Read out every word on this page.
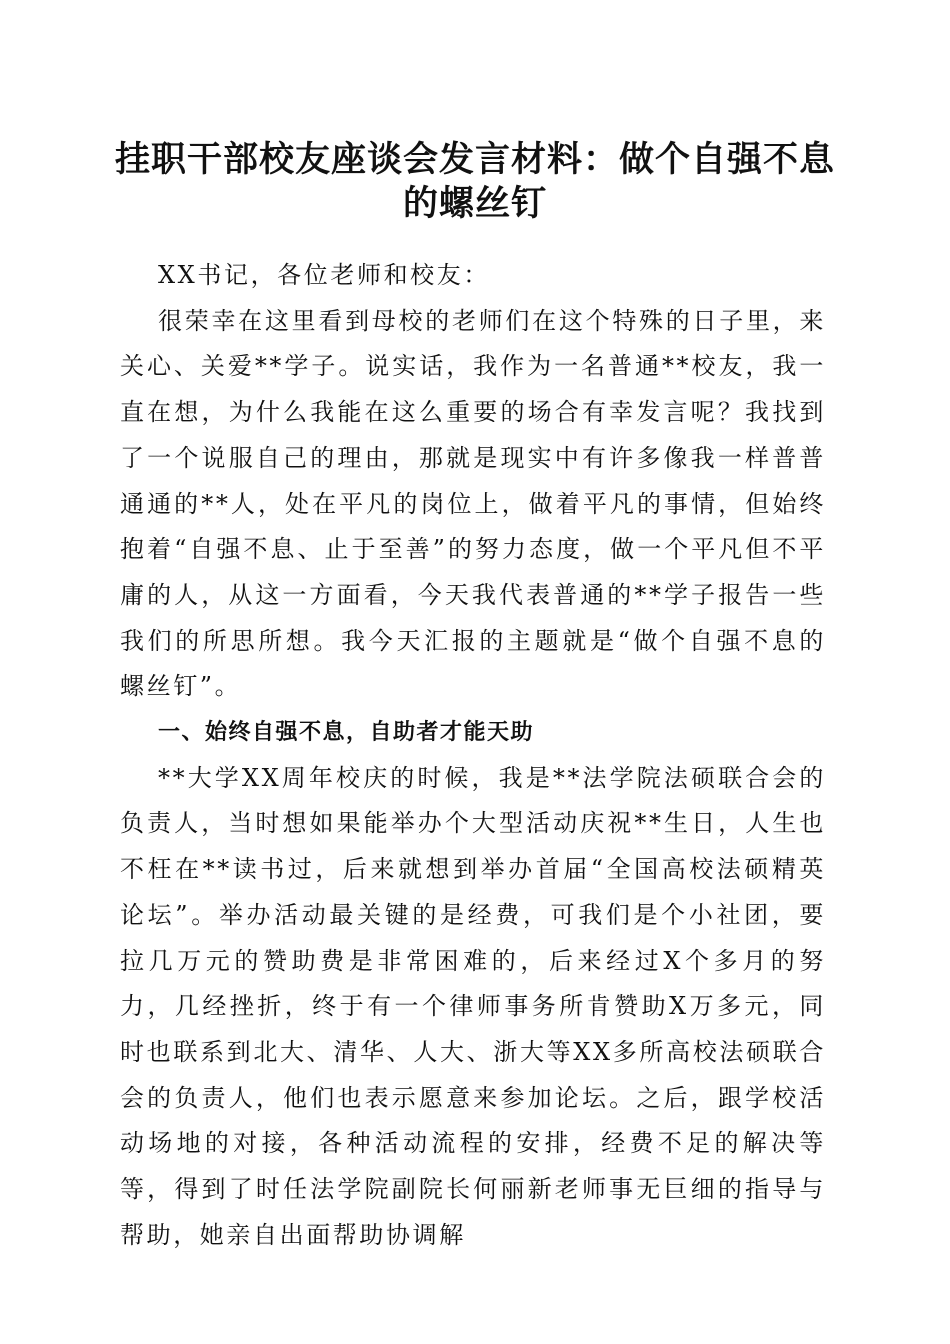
挂职干部校友座谈会发言材料：做个自强不息的螺丝钉

XX书记，各位老师和校友：

很荣幸在这里看到母校的老师们在这个特殊的日子里，来关心、关爱**学子。说实话，我作为一名普通**校友，我一直在想，为什么我能在这么重要的场合有幸发言呢？我找到了一个说服自己的理由，那就是现实中有许多像我一样普普通通的**人，处在平凡的岗位上，做着平凡的事情，但始终抱着“自强不息、止于至善”的努力态度，做一个平凡但不平庸的人，从这一方面看，今天我代表普通的**学子报告一些我们的所思所想。我今天汇报的主题就是“做个自强不息的螺丝钉”。

一、始终自强不息，自助者才能天助

**大学XX周年校庆的时候，我是**法学院法硕联合会的负责人，当时想如果能举办个大型活动庆祝**生日，人生也不枉在**读书过，后来就想到举办首届“全国高校法硕精英论坛”。举办活动最关键的是经费，可我们是个小社团，要拉几万元的赞助费是非常困难的，后来经过X个多月的努力，几经挫折，终于有一个律师事务所肯赞助X万多元，同时也联系到北大、清华、人大、浙大等XX多所高校法硕联合会的负责人，他们也表示愿意来参加论坛。之后，跟学校活动场地的对接，各种活动流程的安排，经费不足的解决等等，得到了时任法学院副院长何丽新老师事无巨细的指导与帮助，她亲自出面帮助协调解
